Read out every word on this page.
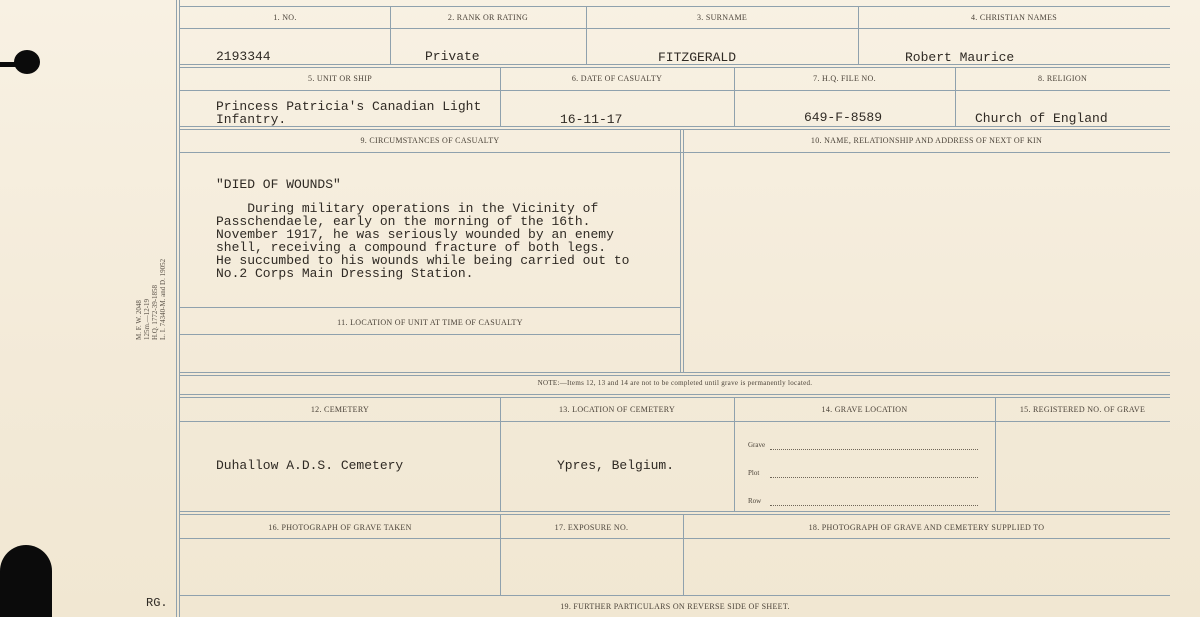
M. F. W. 2048 125m.—12-19 H.Q. 1772-39-1858 L. I. 74340-M. and D. 19052
RG.
1. NO.	2. RANK OR RATING	3. SURNAME	4. CHRISTIAN NAMES
2193344	Private	FITZGERALD	Robert Maurice
5. UNIT OR SHIP	6. DATE OF CASUALTY	7. H.Q. FILE NO.	8. RELIGION
Princess Patricia's Canadian Light
Infantry.	16-11-17	649-F-8589	Church of England
9. CIRCUMSTANCES OF CASUALTY	10. NAME, RELATIONSHIP AND ADDRESS OF NEXT OF KIN
"DIED OF WOUNDS"
During military operations in the Vicinity of
Passchendaele, early on the morning of the 16th.
November 1917, he was seriously wounded by an enemy
shell, receiving a compound fracture of both legs.
He succumbed to his wounds while being carried out to
No.2 Corps Main Dressing Station.
11. LOCATION OF UNIT AT TIME OF CASUALTY
NOTE:—Items 12, 13 and 14 are not to be completed until grave is permanently located.
12. CEMETERY	13. LOCATION OF CEMETERY	14. GRAVE LOCATION	15. REGISTERED NO. OF GRAVE
Duhallow A.D.S. Cemetery	Ypres, Belgium.
Grave
Plot
Row
16. PHOTOGRAPH OF GRAVE TAKEN	17. EXPOSURE NO.	18. PHOTOGRAPH OF GRAVE AND CEMETERY SUPPLIED TO
19. FURTHER PARTICULARS ON REVERSE SIDE OF SHEET.
